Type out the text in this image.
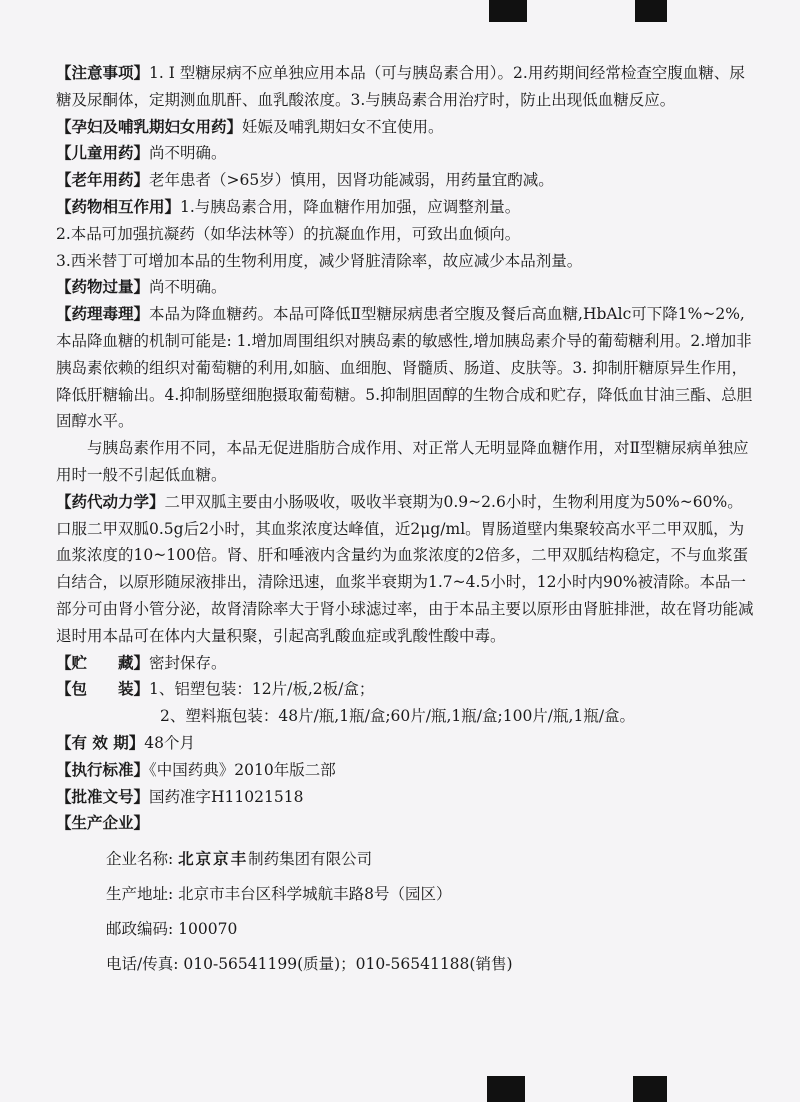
【注意事项】1. I 型糖尿病不应单独应用本品（可与胰岛素合用）。2.用药期间经常检查空腹血糖、尿糖及尿酮体，定期测血肌酐、血乳酸浓度。3.与胰岛素合用治疗时，防止出现低血糖反应。

【孕妇及哺乳期妇女用药】妊娠及哺乳期妇女不宜使用。

【儿童用药】尚不明确。

【老年用药】老年患者（>65岁）慎用，因肾功能减弱，用药量宜酌减。

【药物相互作用】1.与胰岛素合用，降血糖作用加强，应调整剂量。

2.本品可加强抗凝药（如华法林等）的抗凝血作用，可致出血倾向。

3.西米替丁可增加本品的生物利用度，减少肾脏清除率，故应减少本品剂量。

【药物过量】尚不明确。

【药理毒理】本品为降血糖药。本品可降低Ⅱ型糖尿病患者空腹及餐后高血糖,HbAlc可下降1%~2%,本品降血糖的机制可能是: 1.增加周围组织对胰岛素的敏感性,增加胰岛素介导的葡萄糖利用。2.增加非胰岛素依赖的组织对葡萄糖的利用,如脑、血细胞、肾髓质、肠道、皮肤等。3. 抑制肝糖原异生作用，降低肝糖输出。4.抑制肠壁细胞摄取葡萄糖。5.抑制胆固醇的生物合成和贮存，降低血甘油三酯、总胆固醇水平。

与胰岛素作用不同，本品无促进脂肪合成作用、对正常人无明显降血糖作用，对Ⅱ型糖尿病单独应用时一般不引起低血糖。

【药代动力学】二甲双胍主要由小肠吸收，吸收半衰期为0.9~2.6小时，生物利用度为50%~60%。口服二甲双胍0.5g后2小时，其血浆浓度达峰值，近2μg/ml。胃肠道壁内集聚较高水平二甲双胍，为血浆浓度的10~100倍。肾、肝和唾液内含量约为血浆浓度的2倍多，二甲双胍结构稳定，不与血浆蛋白结合，以原形随尿液排出，清除迅速，血浆半衰期为1.7~4.5小时，12小时内90%被清除。本品一部分可由肾小管分泌，故肾清除率大于肾小球滤过率，由于本品主要以原形由肾脏排泄，故在肾功能减退时用本品可在体内大量积聚，引起高乳酸血症或乳酸性酸中毒。

【贮　　藏】密封保存。

【包　　装】1、铝塑包装：12片/板,2板/盒；

2、塑料瓶包装：48片/瓶,1瓶/盒;60片/瓶,1瓶/盒;100片/瓶,1瓶/盒。

【有 效 期】48个月

【执行标准】《中国药典》2010年版二部

【批准文号】国药准字H11021518

【生产企业】

企业名称: 北京京丰制药集团有限公司

生产地址: 北京市丰台区科学城航丰路8号（园区）

邮政编码: 100070

电话/传真: 010-56541199(质量)；010-56541188(销售)
